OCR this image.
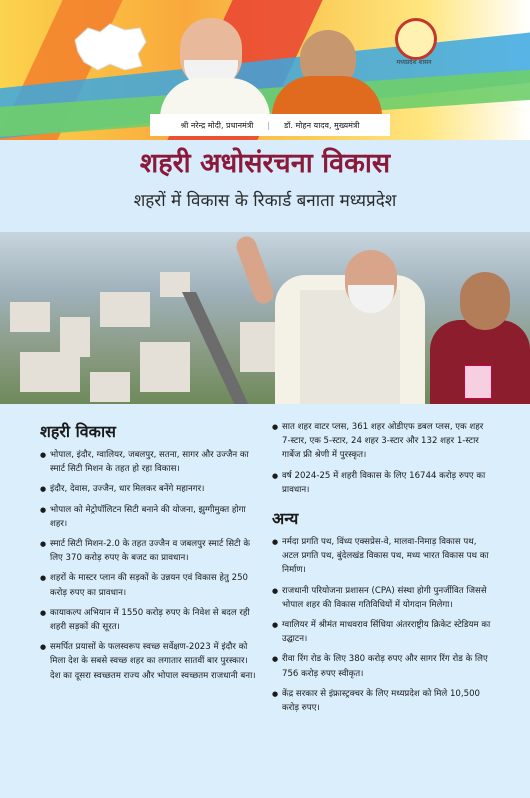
मध्यप्रदेश शासन
श्री नरेन्द्र मोदी, प्रधानमंत्री | डॉ. मोहन यादव, मुख्यमंत्री
शहरी अधोसंरचना विकास
शहरों में विकास के रिकार्ड बनाता मध्यप्रदेश
शहरी विकास
● भोपाल, इंदौर, ग्वालियर, जबलपुर, सतना, सागर और उज्जैन का स्मार्ट सिटी मिशन के तहत हो रहा विकास।
● इंदौर, देवास, उज्जैन, धार मिलकर बनेंगे महानगर।
● भोपाल को मेट्रोपॉलिटन सिटी बनाने की योजना, झुग्गीमुक्त होगा शहर।
● स्मार्ट सिटी मिशन-2.0 के तहत उज्जैन व जबलपुर स्मार्ट सिटी के लिए 370 करोड़ रुपए के बजट का प्रावधान।
● शहरों के मास्टर प्लान की सड़कों के उन्नयन एवं विकास हेतु 250 करोड़ रुपए का प्रावधान।
● कायाकल्प अभियान में 1550 करोड़ रुपए के निवेश से बदल रही शहरी सड़कों की सूरत।
● समर्पित प्रयासों के फलस्वरूप स्वच्छ सर्वेक्षण-2023 में इंदौर को मिला देश के सबसे स्वच्छ शहर का लगातार सातवीं बार पुरस्कार। देश का दूसरा स्वच्छतम राज्य और भोपाल स्वच्छतम राजधानी बना।
● सात शहर वाटर प्लस, 361 शहर ओडीएफ डबल प्लस, एक शहर 7-स्टार, एक 5-स्टार, 24 शहर 3-स्टार और 132 शहर 1-स्टार गार्बेज फ्री श्रेणी में पुरस्कृत।
● वर्ष 2024-25 में शहरी विकास के लिए 16744 करोड़ रुपए का प्रावधान।
अन्य
● नर्मदा प्रगति पथ, विंध्य एक्सप्रेस-वे, मालवा-निमाड़ विकास पथ, अटल प्रगति पथ, बुंदेलखंड विकास पथ, मध्य भारत विकास पथ का निर्माण।
● राजधानी परियोजना प्रशासन (CPA) संस्था होगी पुनर्जीवित जिससे भोपाल शहर की विकास गतिविधियों में योगदान मिलेगा।
● ग्वालियर में श्रीमंत माधवराव सिंधिया अंतरराष्ट्रीय क्रिकेट स्टेडियम का उद्घाटन।
● रीवा रिंग रोड के लिए 380 करोड़ रुपए और सागर रिंग रोड के लिए 756 करोड़ रुपए स्वीकृत।
● केंद्र सरकार से इंफ्रास्ट्रक्चर के लिए मध्यप्रदेश को मिले 10,500 करोड़ रुपए।
